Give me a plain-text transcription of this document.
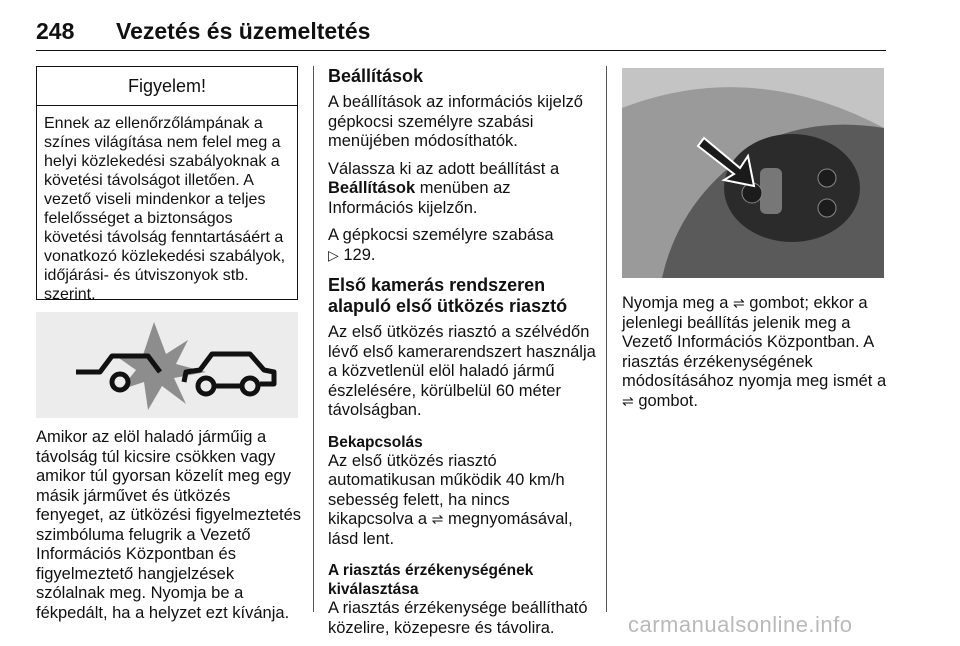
248 Vezetés és üzemeltetés
Figyelem!
Ennek az ellenőrzőlámpának a színes világítása nem felel meg a helyi közlekedési szabályoknak a követési távolságot illetően. A vezető viseli mindenkor a teljes felelősséget a biztonságos követési távolság fenntartásáért a vonatkozó közlekedési szabályok, időjárási- és útviszonyok stb. szerint.

Amikor az elöl haladó járműig a távolság túl kicsire csökken vagy amikor túl gyorsan közelít meg egy másik járművet és ütközés fenyeget, az ütközési figyelmeztetés szimbóluma felugrik a Vezető Információs Központban és figyelmeztető hangjelzések szólalnak meg. Nyomja be a fékpedált, ha a helyzet ezt kívánja.

Beállítások

A beállítások az információs kijelző gépkocsi személyre szabási menüjében módosíthatók.

Válassza ki az adott beállítást a Beállítások menüben az Információs kijelzőn.

A gépkocsi személyre szabása
▷ 129.

Első kamerás rendszeren alapuló első ütközés riasztó

Az első ütközés riasztó a szélvédőn lévő első kamerarendszert használja a közvetlenül elöl haladó jármű észlelésére, körülbelül 60 méter távolságban.

Bekapcsolás

Az első ütközés riasztó automatikusan működik 40 km/h sebesség felett, ha nincs kikapcsolva a ⇌ megnyomásával, lásd lent.

A riasztás érzékenységének kiválasztása

A riasztás érzékenysége beállítható közelire, közepesre és távolira.

Nyomja meg a ⇌ gombot; ekkor a jelenlegi beállítás jelenik meg a Vezető Információs Központban. A riasztás érzékenységének módosításához nyomja meg ismét a ⇌ gombot.

carmanualsonline.info
